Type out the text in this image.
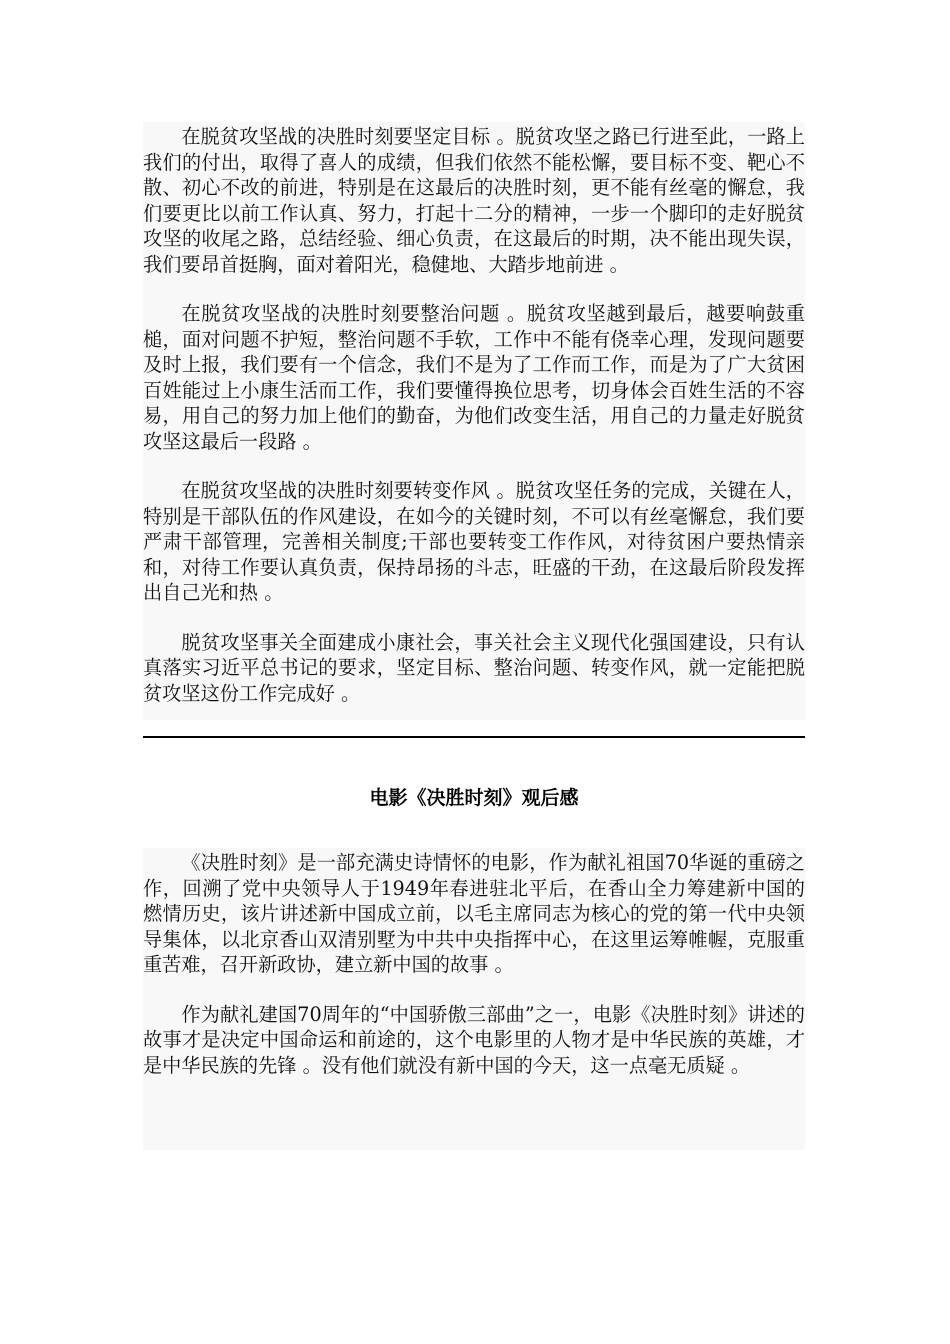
在脱贫攻坚战的决胜时刻要坚定目标 。脱贫攻坚之路已行进至此，一路上我们的付出，取得了喜人的成绩，但我们依然不能松懈，要目标不变、靶心不散、初心不改的前进，特别是在这最后的决胜时刻，更不能有丝毫的懈怠，我们要更比以前工作认真、努力，打起十二分的精神，一步一个脚印的走好脱贫攻坚的收尾之路，总结经验、细心负责，在这最后的时期，决不能出现失误，我们要昂首挺胸，面对着阳光，稳健地、大踏步地前进 。

在脱贫攻坚战的决胜时刻要整治问题 。脱贫攻坚越到最后，越要响鼓重槌，面对问题不护短，整治问题不手软，工作中不能有侥幸心理，发现问题要及时上报，我们要有一个信念，我们不是为了工作而工作，而是为了广大贫困百姓能过上小康生活而工作，我们要懂得换位思考，切身体会百姓生活的不容易，用自己的努力加上他们的勤奋，为他们改变生活，用自己的力量走好脱贫攻坚这最后一段路 。

在脱贫攻坚战的决胜时刻要转变作风 。脱贫攻坚任务的完成，关键在人，特别是干部队伍的作风建设，在如今的关键时刻，不可以有丝毫懈怠，我们要严肃干部管理，完善相关制度;干部也要转变工作作风，对待贫困户要热情亲和，对待工作要认真负责，保持昂扬的斗志，旺盛的干劲，在这最后阶段发挥出自己光和热 。

脱贫攻坚事关全面建成小康社会，事关社会主义现代化强国建设，只有认真落实习近平总书记的要求，坚定目标、整治问题、转变作风，就一定能把脱贫攻坚这份工作完成好 。

电影《决胜时刻》观后感

《决胜时刻》是一部充满史诗情怀的电影，作为献礼祖国70华诞的重磅之作，回溯了党中央领导人于1949年春进驻北平后，在香山全力筹建新中国的燃情历史，该片讲述新中国成立前，以毛主席同志为核心的党的第一代中央领导集体，以北京香山双清别墅为中共中央指挥中心，在这里运筹帷幄，克服重重苦难，召开新政协，建立新中国的故事 。

作为献礼建国70周年的“中国骄傲三部曲”之一，电影《决胜时刻》讲述的故事才是决定中国命运和前途的，这个电影里的人物才是中华民族的英雄，才是中华民族的先锋 。没有他们就没有新中国的今天，这一点毫无质疑 。
